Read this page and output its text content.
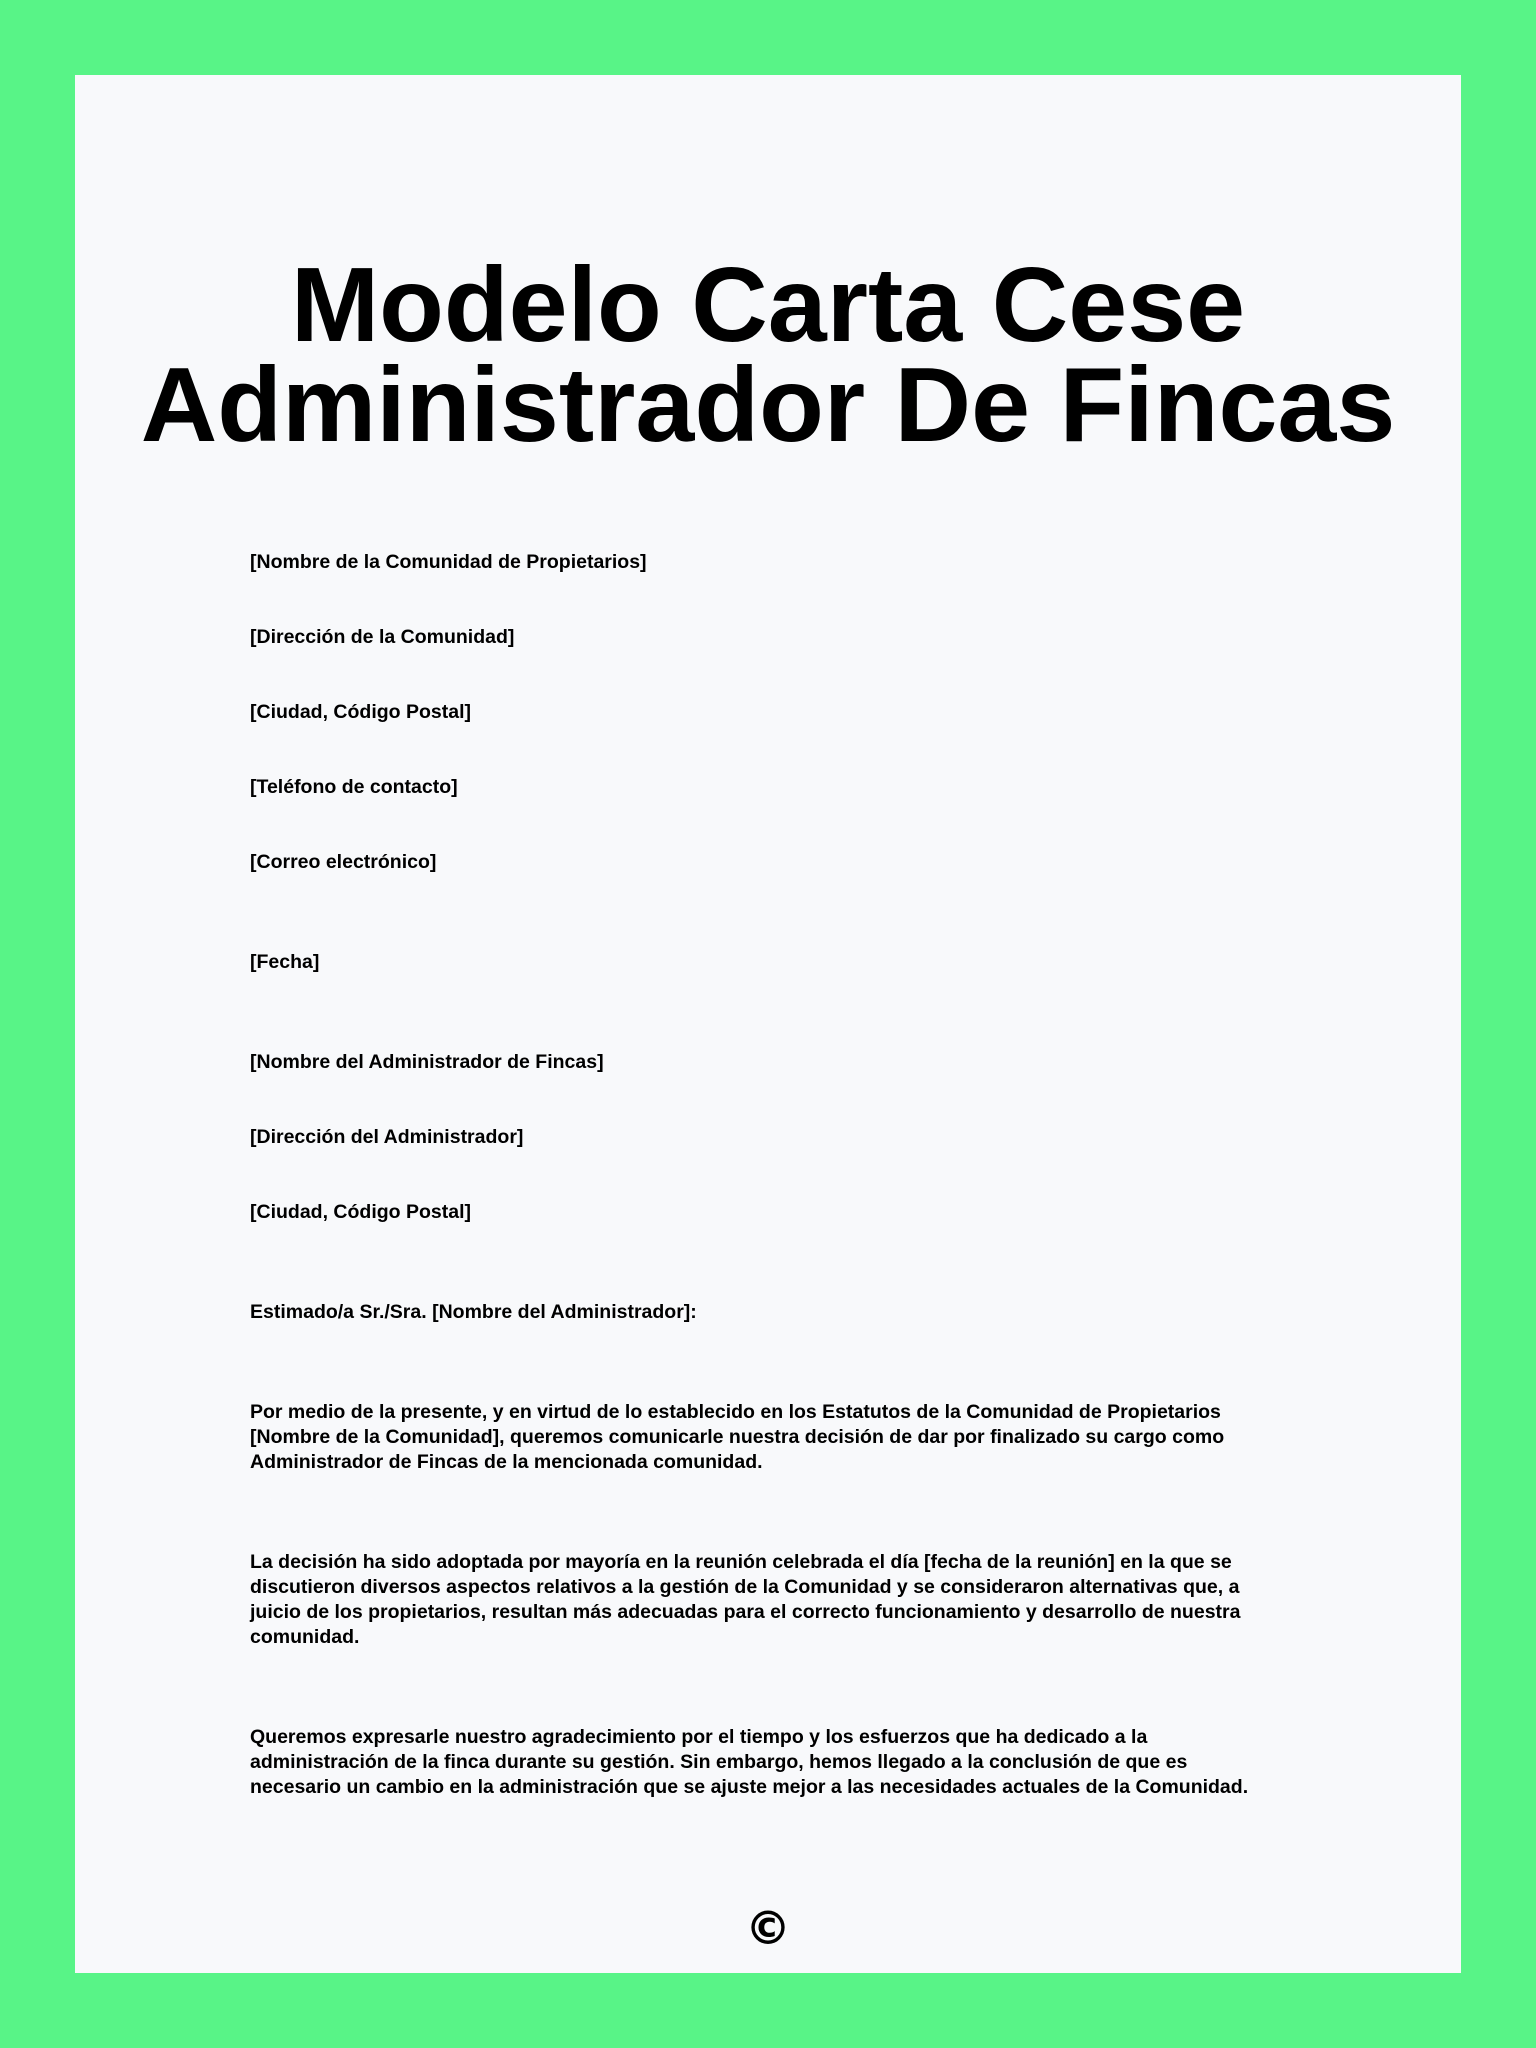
Modelo Carta Cese
Administrador De Fincas

[Nombre de la Comunidad de Propietarios]

[Dirección de la Comunidad]

[Ciudad, Código Postal]

[Teléfono de contacto]

[Correo electrónico]

[Fecha]

[Nombre del Administrador de Fincas]

[Dirección del Administrador]

[Ciudad, Código Postal]

Estimado/a Sr./Sra. [Nombre del Administrador]:

Por medio de la presente, y en virtud de lo establecido en los Estatutos de la Comunidad de Propietarios
[Nombre de la Comunidad], queremos comunicarle nuestra decisión de dar por finalizado su cargo como
Administrador de Fincas de la mencionada comunidad.

La decisión ha sido adoptada por mayoría en la reunión celebrada el día [fecha de la reunión] en la que se
discutieron diversos aspectos relativos a la gestión de la Comunidad y se consideraron alternativas que, a
juicio de los propietarios, resultan más adecuadas para el correcto funcionamiento y desarrollo de nuestra
comunidad.

Queremos expresarle nuestro agradecimiento por el tiempo y los esfuerzos que ha dedicado a la
administración de la finca durante su gestión. Sin embargo, hemos llegado a la conclusión de que es
necesario un cambio en la administración que se ajuste mejor a las necesidades actuales de la Comunidad.

©
